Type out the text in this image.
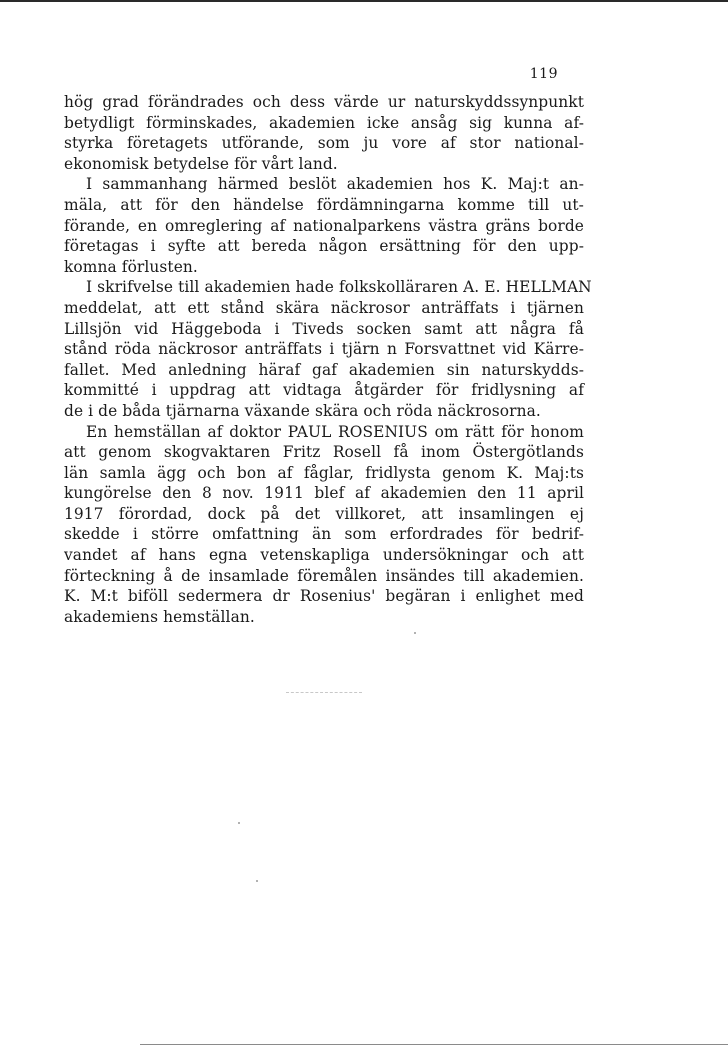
119
hög grad förändrades och dess värde ur naturskyddssynpunkt
betydligt förminskades, akademien icke ansåg sig kunna af-
styrka företagets utförande, som ju vore af stor national-
ekonomisk betydelse för vårt land.
I sammanhang härmed beslöt akademien hos K. Maj:t an-
mäla, att för den händelse fördämningarna komme till ut-
förande, en omreglering af nationalparkens västra gräns borde
företagas i syfte att bereda någon ersättning för den upp-
komna förlusten.
I skrifvelse till akademien hade folkskolläraren A. E. HELLMAN
meddelat, att ett stånd skära näckrosor anträffats i tjärnen
Lillsjön vid Häggeboda i Tiveds socken samt att några få
stånd röda näckrosor anträffats i tjärn n Forsvattnet vid Kärre-
fallet. Med anledning häraf gaf akademien sin naturskydds-
kommitté i uppdrag att vidtaga åtgärder för fridlysning af
de i de båda tjärnarna växande skära och röda näckrosorna.
En hemställan af doktor PAUL ROSENIUS om rätt för honom
att genom skogvaktaren Fritz Rosell få inom Östergötlands
län samla ägg och bon af fåglar, fridlysta genom K. Maj:ts
kungörelse den 8 nov. 1911 blef af akademien den 11 april
1917 förordad, dock på det villkoret, att insamlingen ej
skedde i större omfattning än som erfordrades för bedrif-
vandet af hans egna vetenskapliga undersökningar och att
förteckning å de insamlade föremålen insändes till akademien.
K. M:t biföll sedermera dr Rosenius' begäran i enlighet med
akademiens hemställan.
